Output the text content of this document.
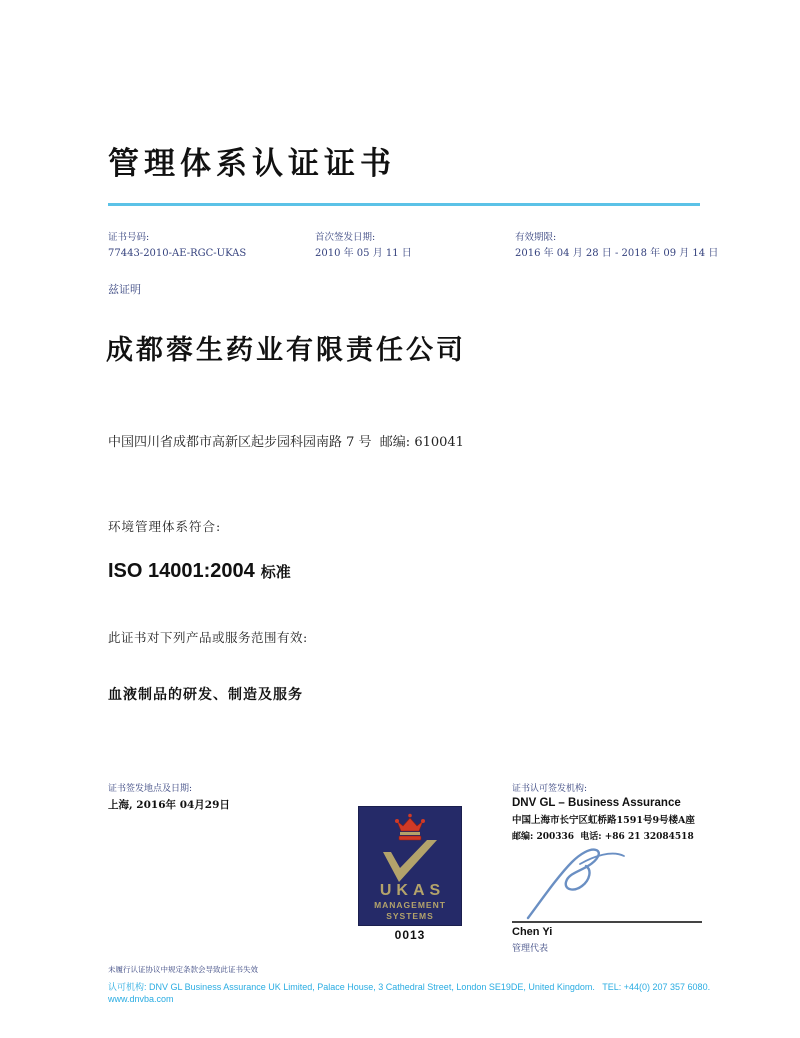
管理体系认证证书
证书号码:
77443-2010-AE-RGC-UKAS
首次签发日期:
2010 年 05 月 11 日
有效期限:
2016 年 04 月 28 日 - 2018 年 09 月 14 日
兹证明
成都蓉生药业有限责任公司
中国四川省成都市高新区起步园科园南路 7 号  邮编: 610041
环境管理体系符合:
ISO 14001:2004 标准
此证书对下列产品或服务范围有效:
血液制品的研发、制造及服务
证书签发地点及日期:
上海, 2016年 04月29日
UKAS
MANAGEMENT
SYSTEMS
0013
证书认可签发机构:
DNV GL – Business Assurance
中国上海市长宁区虹桥路1591号9号楼A座
邮编: 200336  电话: +86 21 32084518
Chen Yi
管理代表
未履行认证协议中规定条款会导致此证书失效
认可机构: DNV GL Business Assurance UK Limited, Palace House, 3 Cathedral Street, London SE19DE, United Kingdom.   TEL: +44(0) 207 357 6080.
www.dnvba.com
